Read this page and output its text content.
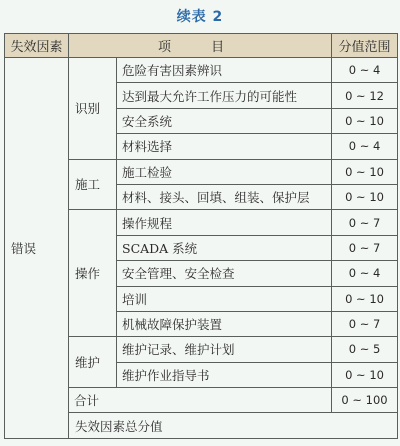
续表 2
失效因素	项 目		分值范围	
错误	识别	危险有害因素辨识	0 ~ 4	
		达到最大允许工作压力的可能性	0 ~ 12	
		安全系统	0 ~ 10	
		材料选择	0 ~ 4	
	施工	施工检验	0 ~ 10	
		材料、接头、回填、组装、保护层	0 ~ 10	
	操作	操作规程	0 ~ 7	
		SCADA 系统	0 ~ 7	
		安全管理、安全检查	0 ~ 4	
		培训	0 ~ 10	
		机械故障保护装置	0 ~ 7	
	维护	维护记录、维护计划	0 ~ 5	
		维护作业指导书	0 ~ 10	
	合计		0 ~ 100	
	失效因素总分值	
